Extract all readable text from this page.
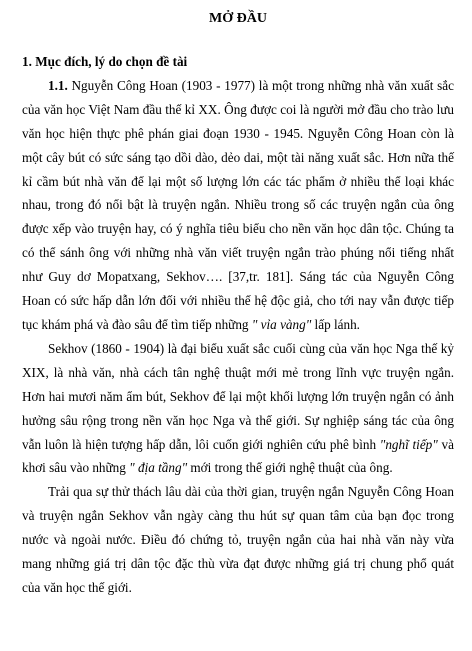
MỞ ĐẦU
1. Mục đích, lý do chọn đề tài

1.1. Nguyễn Công Hoan (1903 - 1977) là một trong những nhà văn xuất sắc của văn học Việt Nam đầu thế kỉ XX. Ông được coi là người mở đầu cho trào lưu văn học hiện thực phê phán giai đoạn 1930 - 1945. Nguyễn Công Hoan còn là một cây bút có sức sáng tạo dồi dào, dẻo dai, một tài năng xuất sắc. Hơn nữa thế kỉ cầm bút nhà văn để lại một số lượng lớn các tác phẩm ở nhiều thể loại khác nhau, trong đó nổi bật là truyện ngắn. Nhiều trong số các truyện ngắn của ông được xếp vào truyện hay, có ý nghĩa tiêu biểu cho nền văn học dân tộc. Chúng ta có thể sánh ông với những nhà văn viết truyện ngắn trào phúng nổi tiếng nhất như Guy dơ Mopatxang, Sekhov…. [37,tr. 181]. Sáng tác của Nguyễn Công Hoan có sức hấp dẫn lớn đối với nhiều thế hệ độc giả, cho tới nay vẫn được tiếp tục khám phá và đào sâu để tìm tiếp những " vỉa vàng" lấp lánh.

Sekhov (1860 - 1904) là đại biểu xuất sắc cuối cùng của văn học Nga thế kỷ XIX, là nhà văn, nhà cách tân nghệ thuật mới mẻ trong lĩnh vực truyện ngắn. Hơn hai mươi năm ẩm bút, Sekhov để lại một khối lượng lớn truyện ngắn có ảnh hưởng sâu rộng trong nền văn học Nga và thế giới. Sự nghiệp sáng tác của ông vẫn luôn là hiện tượng hấp dẫn, lôi cuốn giới nghiên cứu phê bình "nghĩ tiếp" và khơi sâu vào những " địa tầng" mới trong thế giới nghệ thuật của ông.

Trải qua sự thử thách lâu dài của thời gian, truyện ngắn Nguyễn Công Hoan và truyện ngắn Sekhov vẫn ngày càng thu hút sự quan tâm của bạn đọc trong nước và ngoài nước. Điều đó chứng tỏ, truyện ngắn của hai nhà văn này vừa mang những giá trị dân tộc đặc thù vừa đạt được những giá trị chung phổ quát của văn học thế giới.
